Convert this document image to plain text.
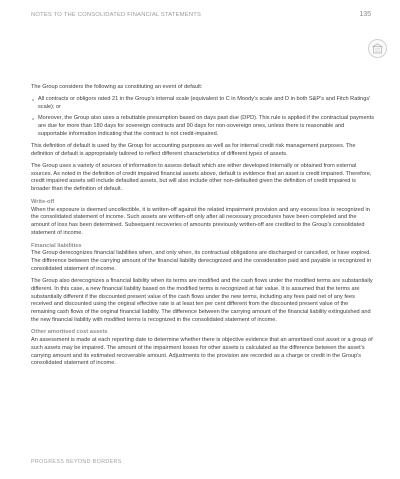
NOTES TO THE CONSOLIDATED FINANCIAL STATEMENTS	135

The Group considers the following as constituting an event of default:

All contracts or obligors rated 21 in the Group’s internal scale (equivalent to C in Moody’s scale and D in both S&P’s and Fitch Ratings’ scale); or
Moreover, the Group also uses a rebuttable presumption based on days past due (DPD). This rule is applied if the contractual payments are due for more than 180 days for sovereign contracts and 90 days for non-sovereign ones, unless there is reasonable and supportable information indicating that the contract is not credit-impaired.

This definition of default is used by the Group for accounting purposes as well as for internal credit risk management purposes. The definition of default is appropriately tailored to reflect different characteristics of different types of assets.

The Group uses a variety of sources of information to assess default which are either developed internally or obtained from external sources. As noted in the definition of credit impaired financial assets above, default is evidence that an asset is credit impaired. Therefore, credit impaired assets will include defaulted assets, but will also include other non-defaulted given the definition of credit impaired is broader than the definition of default.

Write-off

When the exposure is deemed uncollectible, it is written-off against the related impairment provision and any excess loss is recognized in the consolidated statement of income. Such assets are written-off only after all necessary procedures have been completed and the amount of loss has been determined. Subsequent recoveries of amounts previously written-off are credited to the Group’s consolidated statement of income.

Financial liabilities

The Group derecognizes financial liabilities when, and only when, its contractual obligations are discharged or cancelled, or have expired. The difference between the carrying amount of the financial liability derecognized and the consideration paid and payable is recognized in consolidated statement of income.

The Group also derecognizes a financial liability when its terms are modified and the cash flows under the modified terms are substantially different. In this case, a new financial liability based on the modified terms is recognized at fair value. It is assumed that the terms are substantially different if the discounted present value of the cash flows under the new terms, including any fees paid net of any fees received and discounted using the original effective rate is at least ten per cent different from the discounted present value of the remaining cash flows of the original financial liability. The difference between the carrying amount of the financial liability extinguished and the new financial liability with modified terms is recognized in the consolidated statement of income.

Other amortised cost assets

An assessment is made at each reporting date to determine whether there is objective evidence that an amortised cost asset or a group of such assets may be impaired. The amount of the impairment losses for other assets is calculated as the difference between the asset’s carrying amount and its estimated recoverable amount. Adjustments to the provision are recorded as a charge or credit in the Group’s consolidated statement of income.

PROGRESS BEYOND BORDERS
